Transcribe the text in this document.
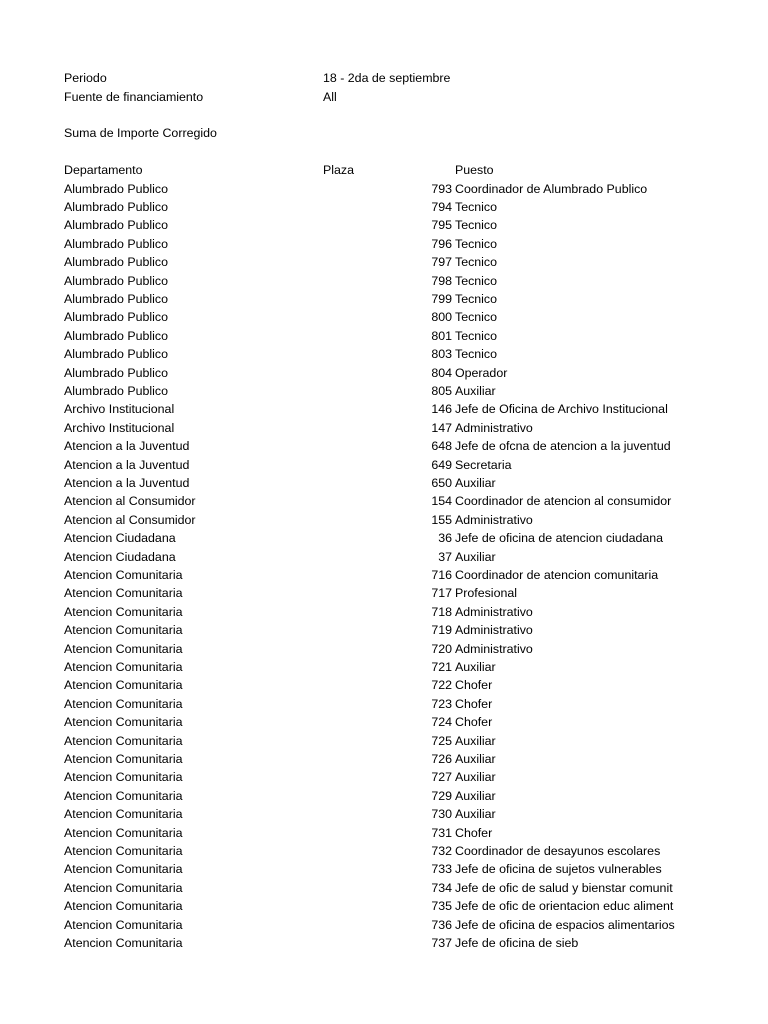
Periodo	18 - 2da de septiembre
Fuente de financiamiento	All
Suma de Importe Corregido
Departamento	Plaza	Puesto
Alumbrado Publico	793 Coordinador de Alumbrado Publico
Alumbrado Publico	794 Tecnico
Alumbrado Publico	795 Tecnico
Alumbrado Publico	796 Tecnico
Alumbrado Publico	797 Tecnico
Alumbrado Publico	798 Tecnico
Alumbrado Publico	799 Tecnico
Alumbrado Publico	800 Tecnico
Alumbrado Publico	801 Tecnico
Alumbrado Publico	803 Tecnico
Alumbrado Publico	804 Operador
Alumbrado Publico	805 Auxiliar
Archivo Institucional	146 Jefe de Oficina de Archivo Institucional
Archivo Institucional	147 Administrativo
Atencion a la Juventud	648 Jefe de ofcna de atencion a la juventud
Atencion a la Juventud	649 Secretaria
Atencion a la Juventud	650 Auxiliar
Atencion al Consumidor	154 Coordinador de atencion al consumidor
Atencion al Consumidor	155 Administrativo
Atencion Ciudadana	36 Jefe de oficina de atencion ciudadana
Atencion Ciudadana	37 Auxiliar
Atencion Comunitaria	716 Coordinador de atencion comunitaria
Atencion Comunitaria	717 Profesional
Atencion Comunitaria	718 Administrativo
Atencion Comunitaria	719 Administrativo
Atencion Comunitaria	720 Administrativo
Atencion Comunitaria	721 Auxiliar
Atencion Comunitaria	722 Chofer
Atencion Comunitaria	723 Chofer
Atencion Comunitaria	724 Chofer
Atencion Comunitaria	725 Auxiliar
Atencion Comunitaria	726 Auxiliar
Atencion Comunitaria	727 Auxiliar
Atencion Comunitaria	729 Auxiliar
Atencion Comunitaria	730 Auxiliar
Atencion Comunitaria	731 Chofer
Atencion Comunitaria	732 Coordinador de desayunos escolares
Atencion Comunitaria	733 Jefe de oficina de sujetos vulnerables
Atencion Comunitaria	734 Jefe de ofic de salud y bienstar comunit
Atencion Comunitaria	735 Jefe de ofic de orientacion educ aliment
Atencion Comunitaria	736 Jefe de oficina de espacios alimentarios
Atencion Comunitaria	737 Jefe de oficina de sieb
